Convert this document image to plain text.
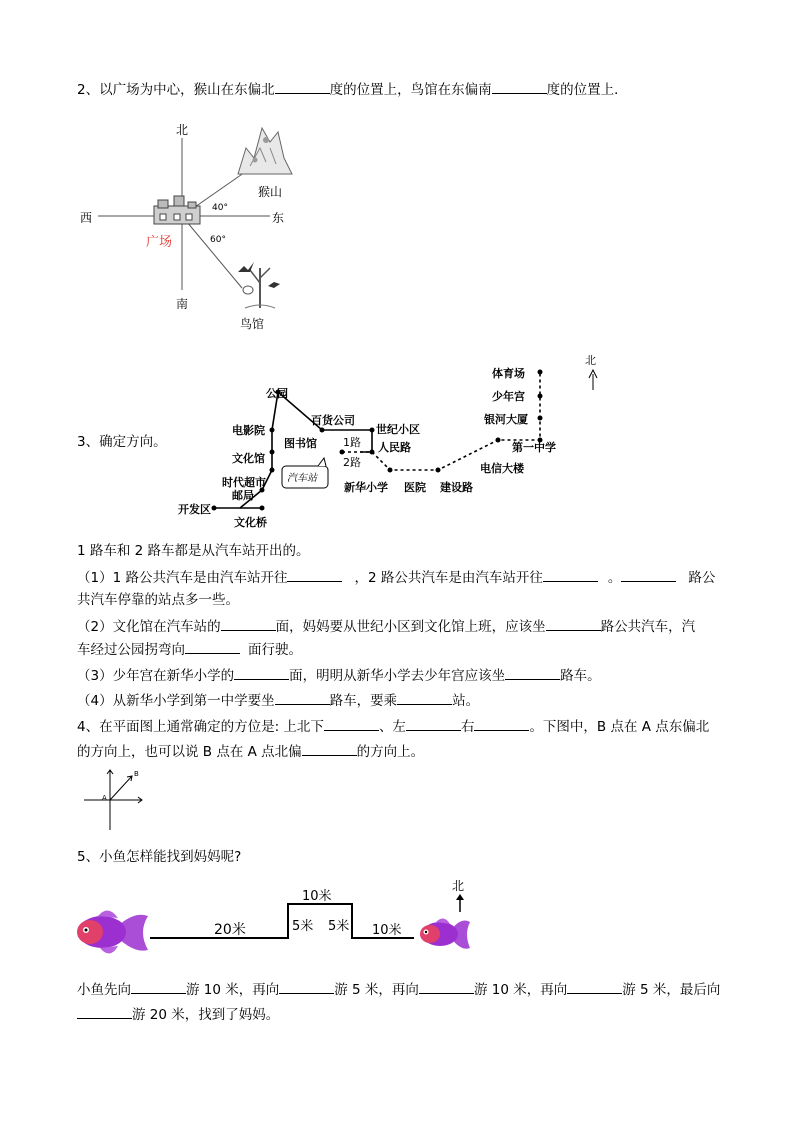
2、以广场为中心，猴山在东偏北	度的位置上，鸟馆在东偏南	度的位置上．
北
南
西	东
广场
猴山
鸟馆
40°
60°
3、确定方向。
北
公园
百货公司
世纪小区
电影院
图书馆	人民路
文化馆
时代超市
邮局
开发区
文化桥
新华小学 医院 建设路
电信大楼
第一中学
银河大厦
少年宫
体育场
1路
2路
汽车站
1 路车和 2 路车都是从汽车站开出的。
（1）1 路公共汽车是由汽车站开往	，2 路公共汽车是由汽车站开往	。	路公
共汽车停靠的站点多一些。
（2）文化馆在汽车站的	面，妈妈要从世纪小区到文化馆上班，应该坐	路公共汽车，汽
车经过公园拐弯向	面行驶。
（3）少年宫在新华小学的	面，明明从新华小学去少年宫应该坐	路车。
（4）从新华小学到第一中学要坐	路车，要乘	站。
4、在平面图上通常确定的方位是: 上北下	、左	右	。下图中，B 点在 A 点东偏北
的方向上，也可以说 B 点在 A 点北偏	的方向上。
A
B
5、小鱼怎样能找到妈妈呢?
北
20米	5米
10米
5米 10米
小鱼先向	游 10 米，再向	游 5 米，再向	游 10 米，再向	游 5 米，最后向
游 20 米，找到了妈妈。
